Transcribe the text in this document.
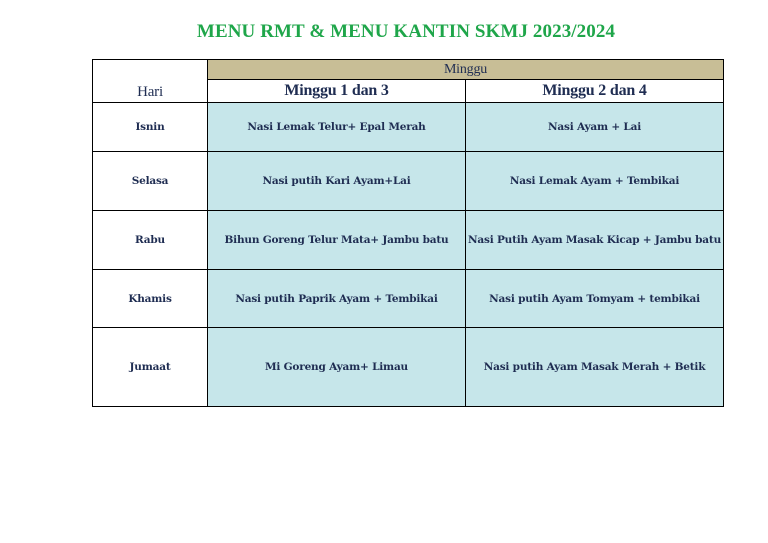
MENU RMT & MENU KANTIN SKMJ 2023/2024
Hari	Minggu	
	Minggu 1 dan 3	Minggu 2 dan 4
Isnin	Nasi Lemak Telur+ Epal Merah	Nasi Ayam + Lai
Selasa	Nasi putih Kari Ayam+Lai	Nasi Lemak Ayam + Tembikai
Rabu	Bihun Goreng Telur Mata+ Jambu batu	Nasi Putih Ayam Masak Kicap + Jambu batu
Khamis	Nasi putih Paprik Ayam + Tembikai	Nasi putih Ayam Tomyam + tembikai
Jumaat	Mi Goreng Ayam+ Limau	Nasi putih Ayam Masak Merah + Betik
